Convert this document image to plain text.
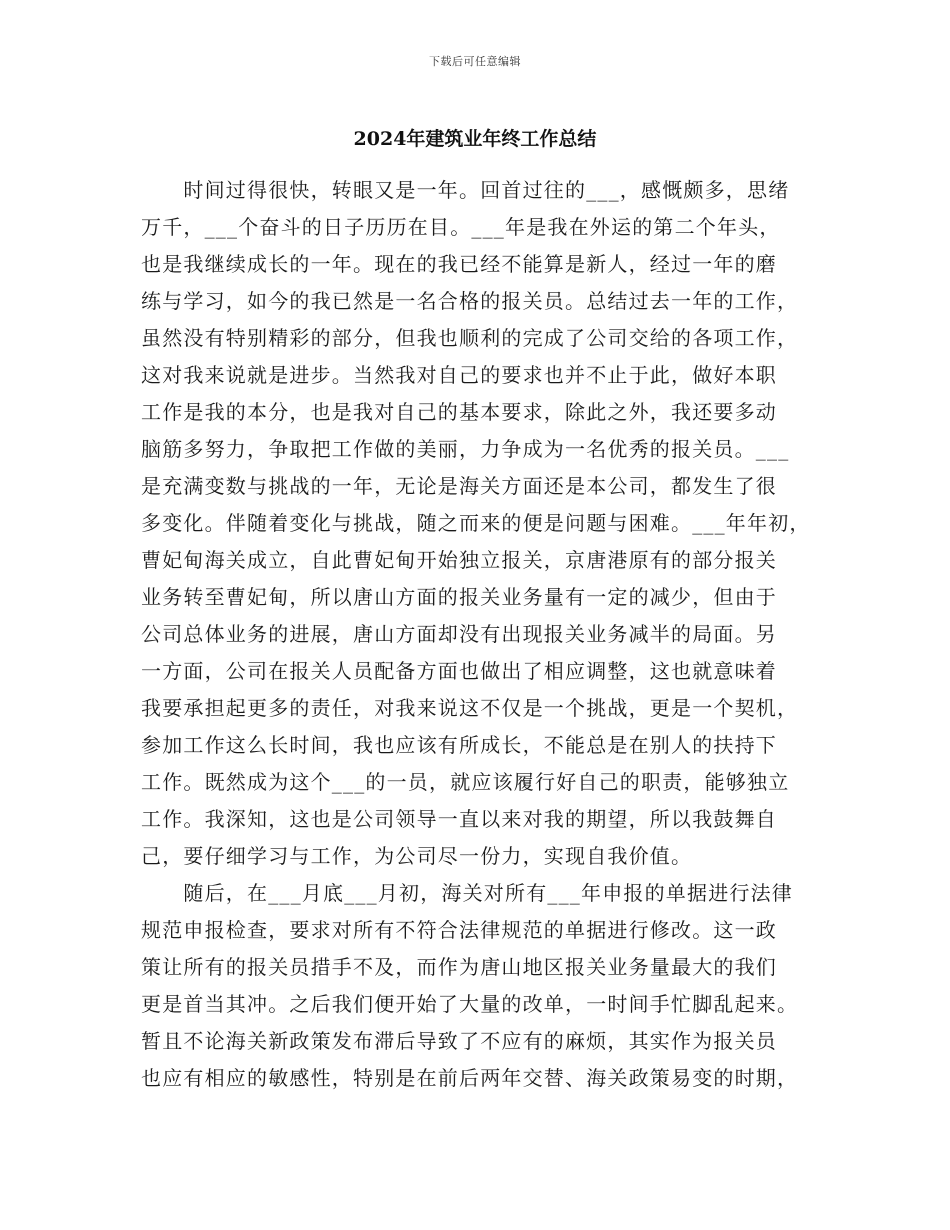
下载后可任意编辑
2024年建筑业年终工作总结
　　时间过得很快，转眼又是一年。回首过往的___，感慨颇多，思绪
万千，___个奋斗的日子历历在目。___年是我在外运的第二个年头，
也是我继续成长的一年。现在的我已经不能算是新人，经过一年的磨
练与学习，如今的我已然是一名合格的报关员。总结过去一年的工作，
虽然没有特别精彩的部分，但我也顺利的完成了公司交给的各项工作，
这对我来说就是进步。当然我对自己的要求也并不止于此，做好本职
工作是我的本分，也是我对自己的基本要求，除此之外，我还要多动
脑筋多努力，争取把工作做的美丽，力争成为一名优秀的报关员。___
是充满变数与挑战的一年，无论是海关方面还是本公司，都发生了很
多变化。伴随着变化与挑战，随之而来的便是问题与困难。___年年初，
曹妃甸海关成立，自此曹妃甸开始独立报关，京唐港原有的部分报关
业务转至曹妃甸，所以唐山方面的报关业务量有一定的减少，但由于
公司总体业务的进展，唐山方面却没有出现报关业务减半的局面。另
一方面，公司在报关人员配备方面也做出了相应调整，这也就意味着
我要承担起更多的责任，对我来说这不仅是一个挑战，更是一个契机，
参加工作这么长时间，我也应该有所成长，不能总是在别人的扶持下
工作。既然成为这个___的一员，就应该履行好自己的职责，能够独立
工作。我深知，这也是公司领导一直以来对我的期望，所以我鼓舞自
己，要仔细学习与工作，为公司尽一份力，实现自我价值。
　　随后，在___月底___月初，海关对所有___年申报的单据进行法律
规范申报检查，要求对所有不符合法律规范的单据进行修改。这一政
策让所有的报关员措手不及，而作为唐山地区报关业务量最大的我们
更是首当其冲。之后我们便开始了大量的改单，一时间手忙脚乱起来。
暂且不论海关新政策发布滞后导致了不应有的麻烦，其实作为报关员
也应有相应的敏感性，特别是在前后两年交替、海关政策易变的时期，
